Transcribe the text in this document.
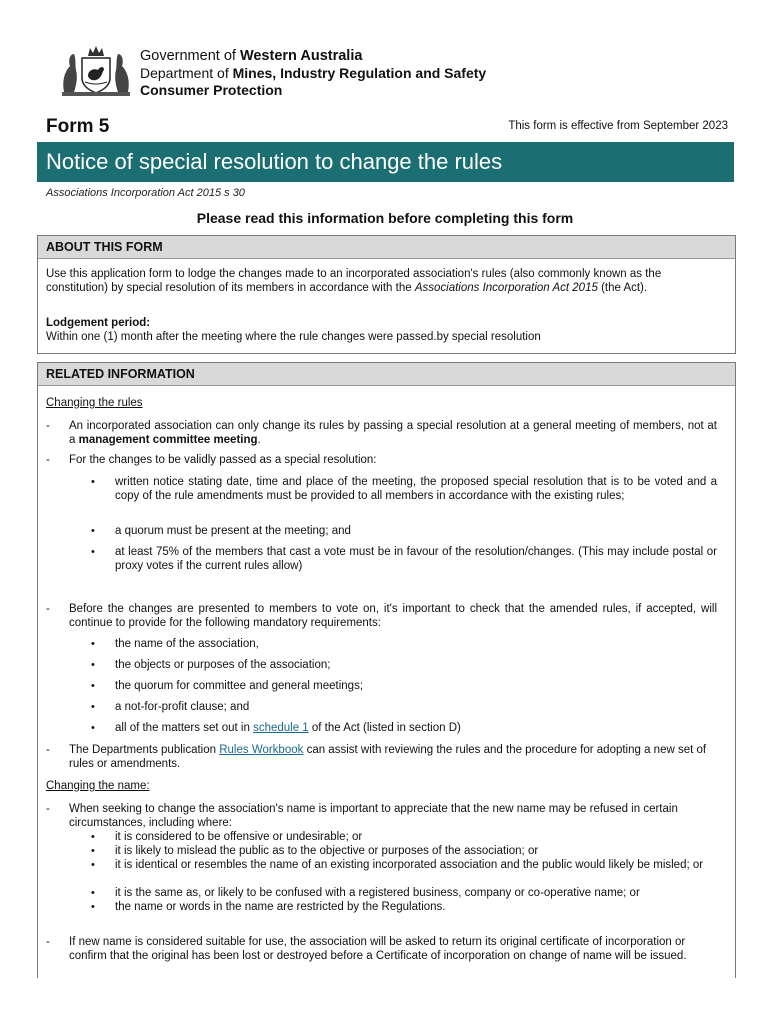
Government of Western Australia
Department of Mines, Industry Regulation and Safety
Consumer Protection
Form 5	This form is effective from September 2023
Notice of special resolution to change the rules
Associations Incorporation Act 2015 s 30
Please read this information before completing this form
ABOUT THIS FORM
Use this application form to lodge the changes made to an incorporated association's rules (also commonly known as the constitution) by special resolution of its members in accordance with the Associations Incorporation Act 2015 (the Act).
Lodgement period:
Within one (1) month after the meeting where the rule changes were passed.by special resolution
RELATED INFORMATION
Changing the rules
- An incorporated association can only change its rules by passing a special resolution at a general meeting of members, not at a management committee meeting.
- For the changes to be validly passed as a special resolution:
• written notice stating date, time and place of the meeting, the proposed special resolution that is to be voted and a copy of the rule amendments must be provided to all members in accordance with the existing rules;
• a quorum must be present at the meeting; and
• at least 75% of the members that cast a vote must be in favour of the resolution/changes. (This may include postal or proxy votes if the current rules allow)
- Before the changes are presented to members to vote on, it's important to check that the amended rules, if accepted, will continue to provide for the following mandatory requirements:
• the name of the association,
• the objects or purposes of the association;
• the quorum for committee and general meetings;
• a not-for-profit clause; and
• all of the matters set out in schedule 1 of the Act (listed in section D)
- The Departments publication Rules Workbook can assist with reviewing the rules and the procedure for adopting a new set of rules or amendments.
Changing the name:
- When seeking to change the association's name is important to appreciate that the new name may be refused in certain circumstances, including where:
• it is considered to be offensive or undesirable; or
• it is likely to mislead the public as to the objective or purposes of the association; or
• it is identical or resembles the name of an existing incorporated association and the public would likely be misled; or
• it is the same as, or likely to be confused with a registered business, company or co-operative name; or
• the name or words in the name are restricted by the Regulations.
- If new name is considered suitable for use, the association will be asked to return its original certificate of incorporation or confirm that the original has been lost or destroyed before a Certificate of incorporation on change of name will be issued.
